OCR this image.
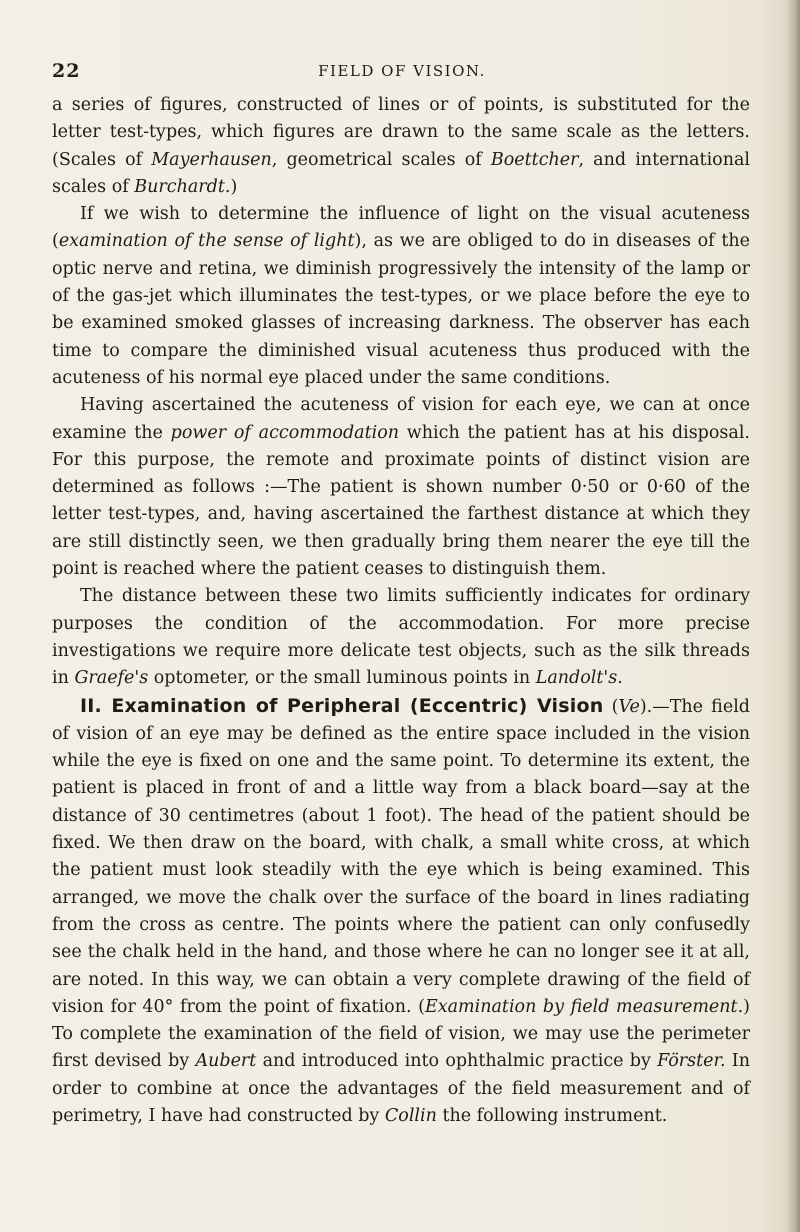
22	FIELD OF VISION.

a series of figures, constructed of lines or of points, is substituted for the letter test-types, which figures are drawn to the same scale as the letters. (Scales of Mayerhausen, geometrical scales of Boettcher, and international scales of Burchardt.)

If we wish to determine the influence of light on the visual acuteness (examination of the sense of light), as we are obliged to do in diseases of the optic nerve and retina, we diminish progressively the intensity of the lamp or of the gas-jet which illuminates the test-types, or we place before the eye to be examined smoked glasses of increasing darkness. The observer has each time to compare the diminished visual acuteness thus produced with the acuteness of his normal eye placed under the same conditions.

Having ascertained the acuteness of vision for each eye, we can at once examine the power of accommodation which the patient has at his disposal. For this purpose, the remote and proximate points of distinct vision are determined as follows :—The patient is shown number 0·50 or 0·60 of the letter test-types, and, having ascertained the farthest distance at which they are still distinctly seen, we then gradually bring them nearer the eye till the point is reached where the patient ceases to distinguish them.

The distance between these two limits sufficiently indicates for ordinary purposes the condition of the accommodation. For more precise investigations we require more delicate test objects, such as the silk threads in Graefe's optometer, or the small luminous points in Landolt's.

II. Examination of Peripheral (Eccentric) Vision (Ve).—The field of vision of an eye may be defined as the entire space included in the vision while the eye is fixed on one and the same point. To determine its extent, the patient is placed in front of and a little way from a black board—say at the distance of 30 centimetres (about 1 foot). The head of the patient should be fixed. We then draw on the board, with chalk, a small white cross, at which the patient must look steadily with the eye which is being examined. This arranged, we move the chalk over the surface of the board in lines radiating from the cross as centre. The points where the patient can only confusedly see the chalk held in the hand, and those where he can no longer see it at all, are noted. In this way, we can obtain a very complete drawing of the field of vision for 40° from the point of fixation. (Examination by field measurement.) To complete the examination of the field of vision, we may use the perimeter first devised by Aubert and introduced into ophthalmic practice by Förster. In order to combine at once the advantages of the field measurement and of perimetry, I have had constructed by Collin the following instrument.
